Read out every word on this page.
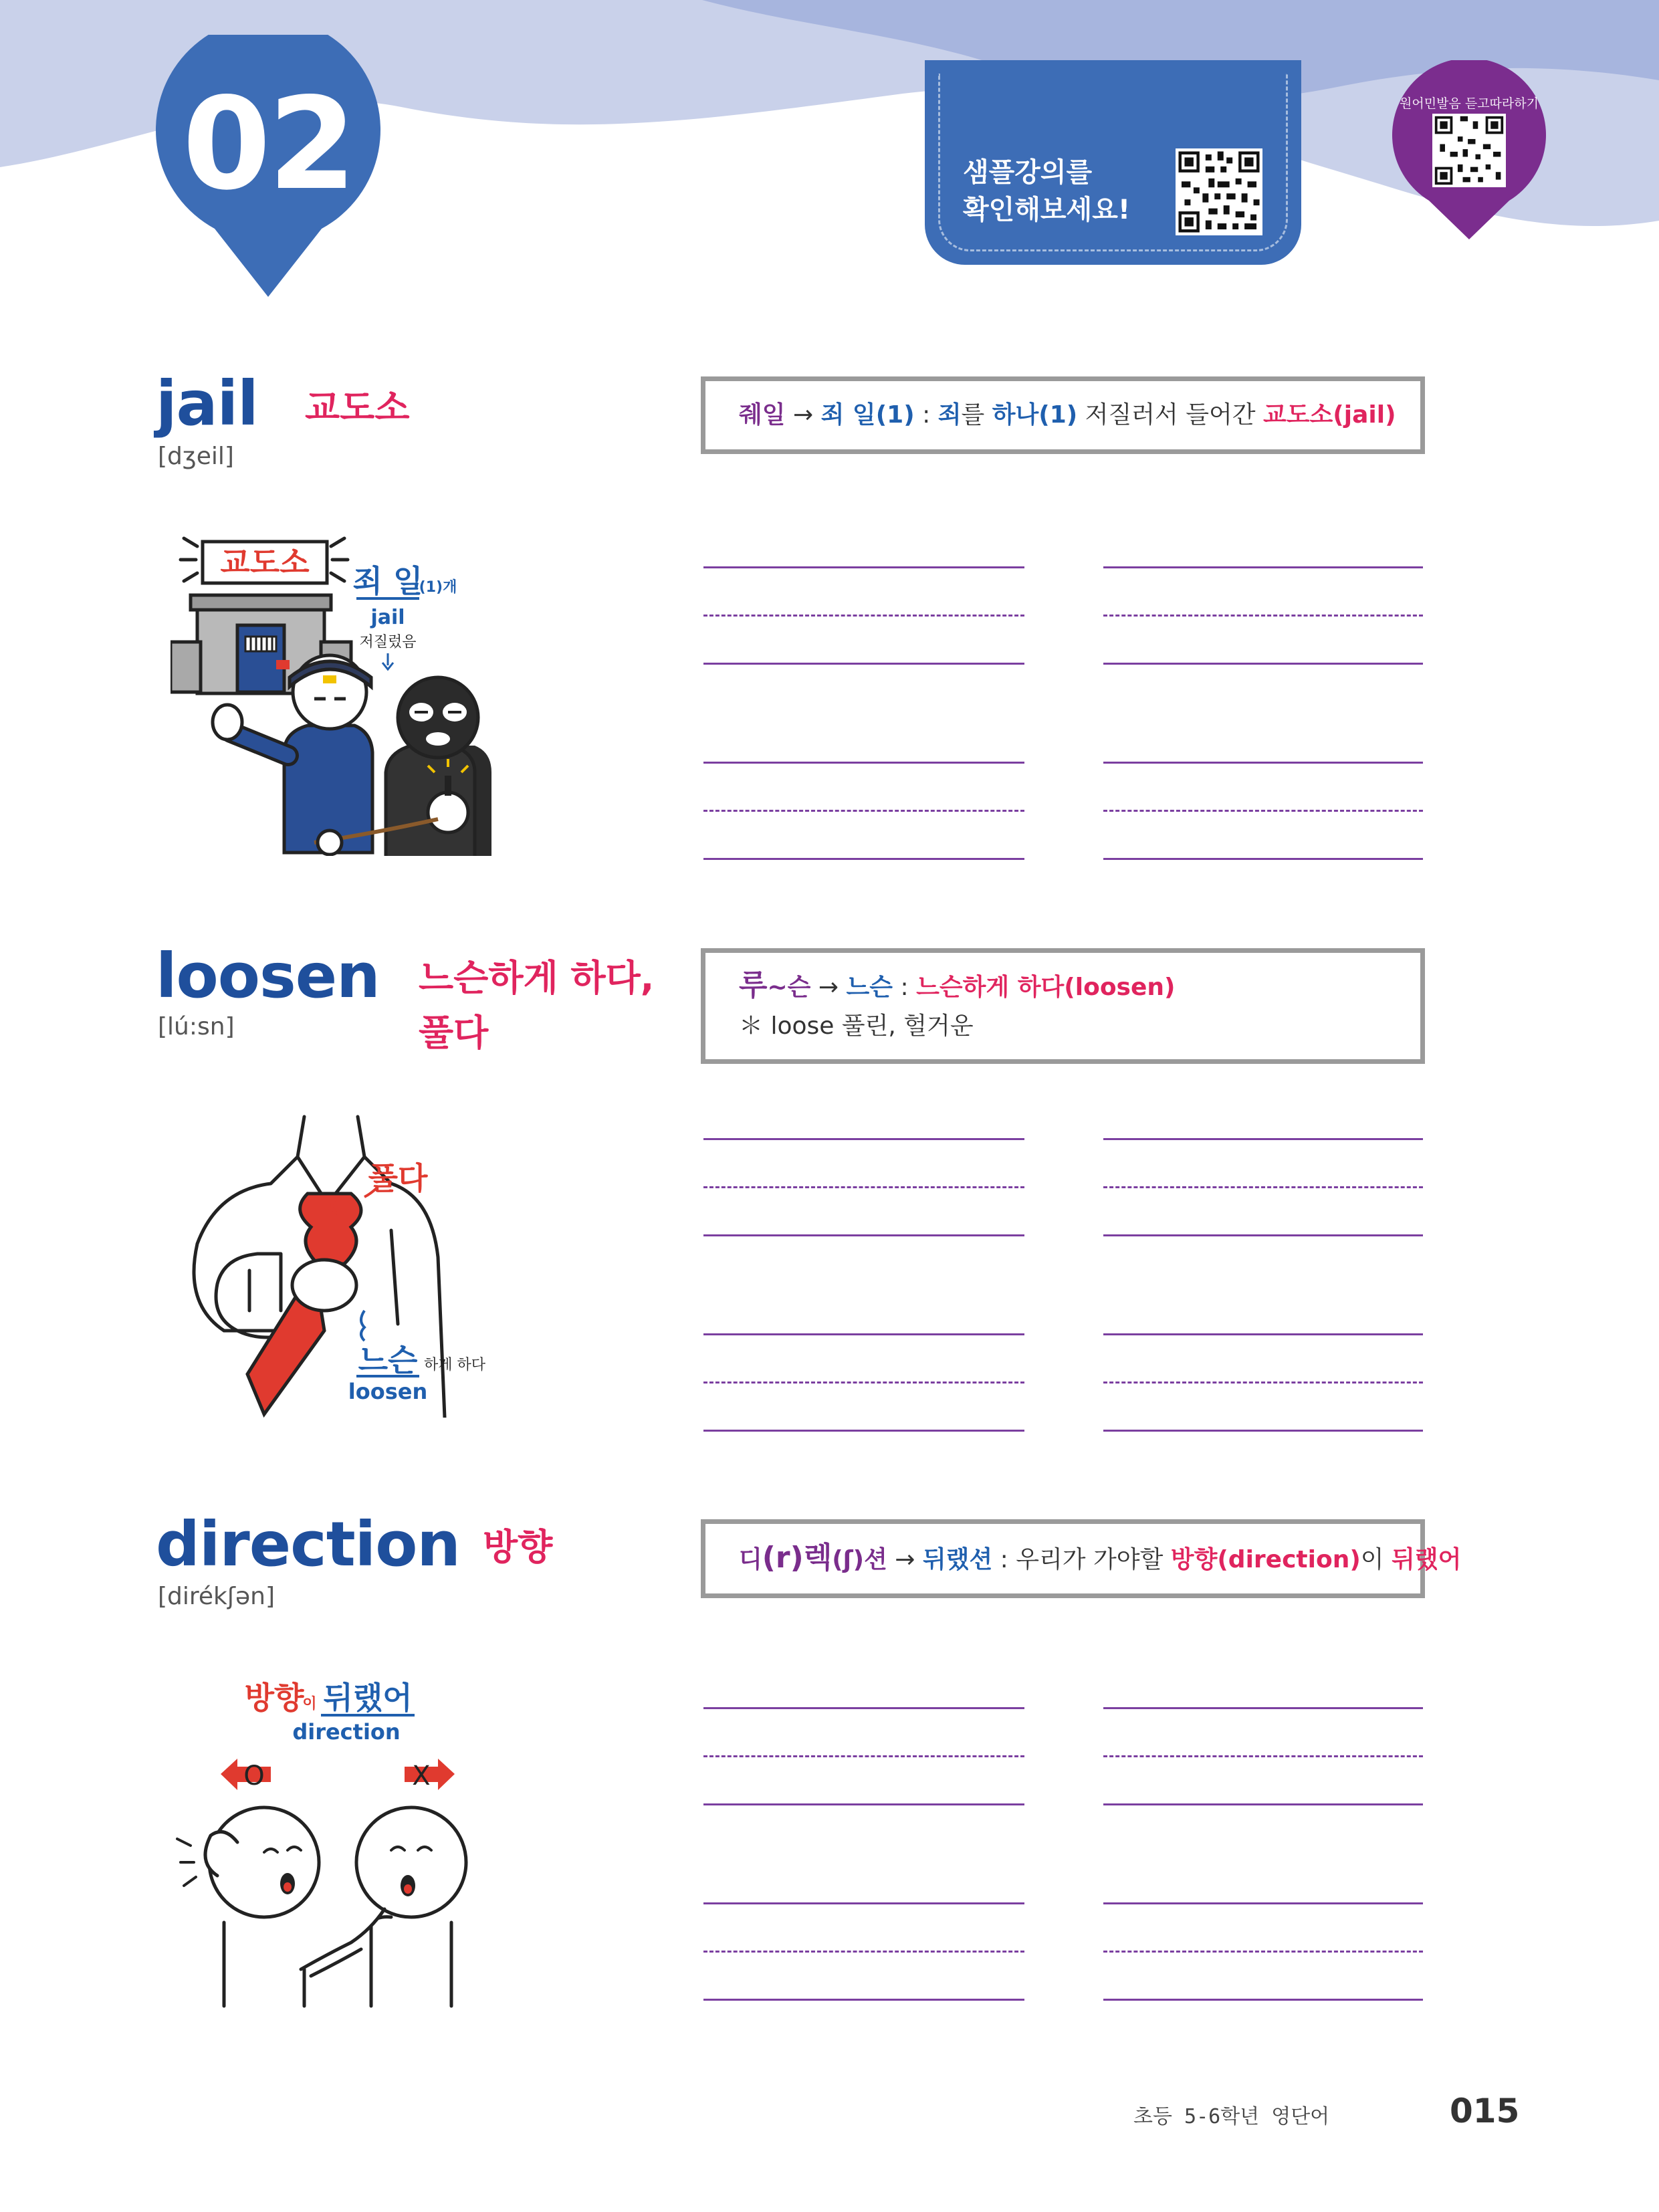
02	샘플강의를
확인해보세요!
원어민발음 듣고따라하기
jail
[dʒeil]
교도소	줴일 → 죄 일(1) : 죄를 하나(1) 저질러서 들어간 교도소(jail)
교도소
죄 일
(1)개
jail
저질렀음
loosen
[lú:sn]
느슨하게 하다,
풀다
루~슨 → 느슨 : 느슨하게 하다(loosen)
＊ loose 풀린, 헐거운
풀다
느슨 하게 하다
loosen
direction
[dirékʃən]
방향	디(r)렉(ʃ)션 → 뒤랬션 : 우리가 가야할 방향(direction)이 뒤랬어
방향
이 뒤랬어
direction
O	X
초등 5-6학년 영단어	015
